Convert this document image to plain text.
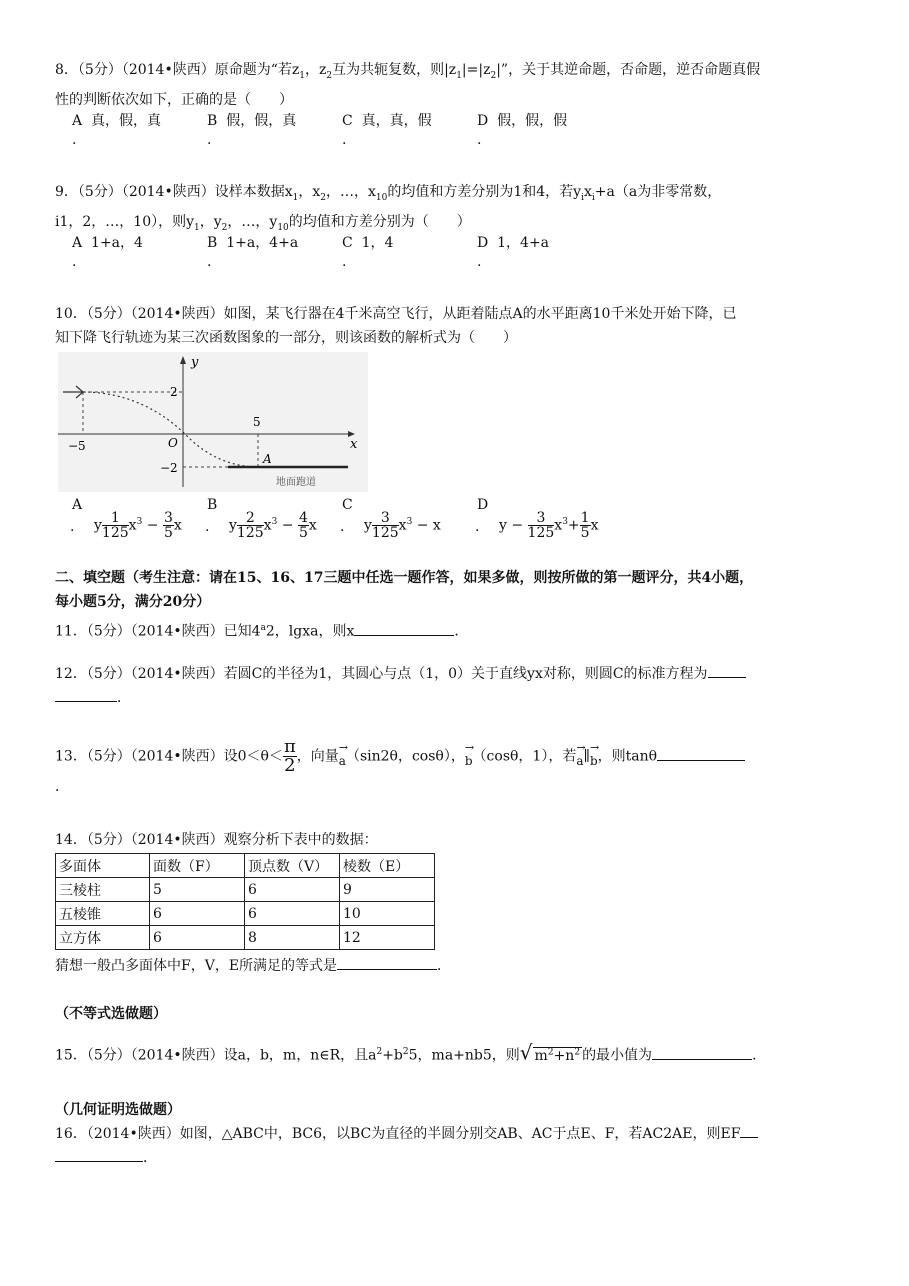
8．（5分）（2014•陕西）原命题为“若$z_1$，$z_2$互为共轭复数，则$|z_1|=|z_2|$”，关于其逆命题，否命题，逆否命题真假
性的判断依次如下，正确的是（　　）
A 真，假，真
.
B 假，假，真
.
C 真，真，假
.
D 假，假，假
.
9．（5分）（2014•陕西）设样本数据$x_1$，$x_2$，…，$x_{10}$的均值和方差分别为1和4，若$y_ix_i+a(a$为非零常数，
i1，2，…，10），则$y_1$，$y_2$，…，$y_{10}$的均值和方差分别为（　　）
A 1+a，4
.
B 1+a，4+a
.
C 1，4
.
D 1，4+a
.
10．（5分）（2014•陕西）如图，某飞行器在4千米高空飞行，从距着陆点A的水平距离10千米处开始下降，已
知下降飞行轨迹为某三次函数图象的一部分，则该函数的解析式为（　　）
y
x
2
−2
−5
5
O
A
地面跑道
A
. y $\frac{1}{125} x^3 - \frac{3}{5}$ x
B
. y $\frac{2}{125} x^3 - \frac{4}{5}$ x
C
. y $\frac{3}{125} x^3 - x$
D
. $y - \frac{3}{125} x^3+ \frac{1}{5}$ x
二、填空题（考生注意：请在15、16、17三题中任选一题作答，如果多做，则按所做的第一题评分，共4小题，
每小题5分，满分20分）
11．（5分）（2014•陕西）已知4$^a$2，lgxa，则x	．
12．（5分）（2014•陕西）若圆C的半径为1，其圆心与点（1，0）关于直线yx对称，则圆C的标准方程为
．
13．（5分）（2014•陕西）设$0<\theta< \frac{\pi}{2}$ ，向量
→
a（sin2θ，cosθ），
→
b（cosθ，1），若
→
a∥
→
b，则tanθ
．
14．（5分）（2014•陕西）观察分析下表中的数据：
多面体	面数（F）	顶点数（V）	棱数（E）
三棱柱	5	6	9
五棱锥	6	6	10
立方体	6	8	12
猜想一般凸多面体中F，V，E所满足的等式是	．
（不等式选做题）
15．（5分）（2014•陕西）设a，b，m，n∈R，且$a^2+b^25$，ma+nb5，则√ $m^2+n^2$ 的最小值为	．
（几何证明选做题）
16．（2014•陕西）如图，△ABC中，BC6，以BC为直径的半圆分别交AB、AC于点E、F，若AC2AE，则EF
．
